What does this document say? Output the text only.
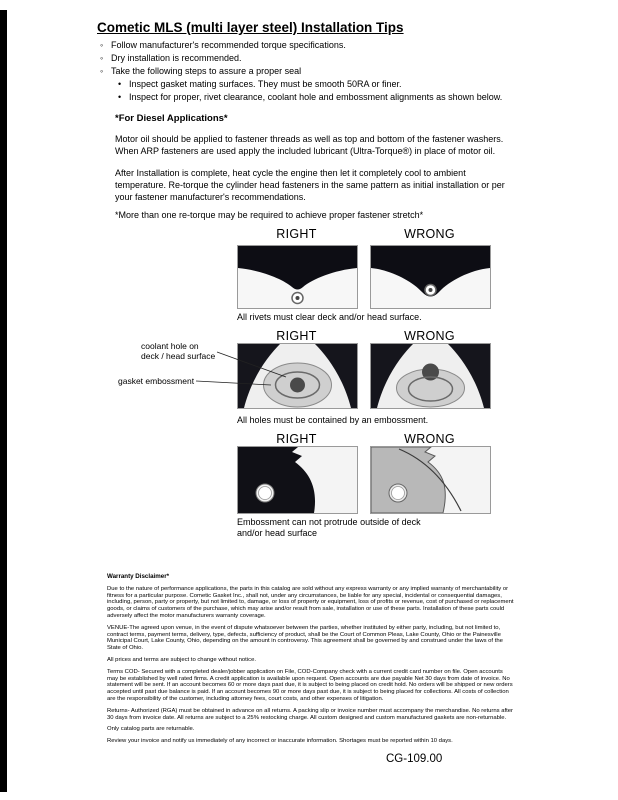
Cometic MLS (multi layer steel) Installation Tips
◦ Follow manufacturer's recommended torque specifications.
◦ Dry installation is recommended.
◦ Take the following steps to assure a proper seal
• Inspect gasket mating surfaces. They must be smooth 50RA or finer.
• Inspect for proper, rivet clearance, coolant hole and embossment alignments as shown below.
*For Diesel Applications*

Motor oil should be applied to fastener threads as well as top and bottom of the fastener washers. When ARP fasteners are used apply the included lubricant (Ultra-Torque®) in place of motor oil.

After Installation is complete, heat cycle the engine then let it completely cool to ambient temperature. Re-torque the cylinder head fasteners in the same pattern as initial installation or per your fastener manufacturer's recommendations.

*More than one re-torque may be required to achieve proper fastener stretch*

RIGHT	WRONG
All rivets must clear deck and/or head surface.
RIGHT	WRONG
coolant hole on
deck / head surface
gasket embossment
All holes must be contained by an embossment.
RIGHT	WRONG
Embossment can not protrude outside of deck and/or head surface
Warranty Disclaimer*

Due to the nature of performance applications, the parts in this catalog are sold without any express warranty or any implied warranty of merchantability or fitness for a particular purpose. Cometic Gasket Inc., shall not, under any circumstances, be liable for any special, incidental or consequential damages, including, person, party or property, but not limited to, damage, or loss of property or equipment, loss of profits or revenue, cost of purchased or replacement goods, or claims of customers of the purchase, which may arise and/or result from sale, installation or use of these parts. Installation of these parts could adversely affect the motor manufacturers warranty coverage.

VENUE-The agreed upon venue, in the event of dispute whatsoever between the parties, whether instituted by either party, including, but not limited to, contract terms, payment terms, delivery, type, defects, sufficiency of product, shall be the Court of Common Pleas, Lake County, Ohio or the Painesville Municipal Court, Lake County, Ohio, depending on the amount in controversy. This agreement shall be governed by and construed under the laws of the State of Ohio.

All prices and terms are subject to change without notice.

Terms COD- Secured with a completed dealer/jobber application on File, COD-Company check with a current credit card number on file. Open accounts may be established by well rated firms. A credit application is available upon request. Open accounts are due payable Net 30 days from date of invoice. No statement will be sent. If an account becomes 60 or more days past due, it is subject to being placed on credit hold. No orders will be shipped or new orders accepted until past due balance is paid. If an account becomes 90 or more days past due, it is subject to being placed for collections. All costs of collection are the responsibility of the customer, including attorney fees, court costs, and other expenses of litigation.

Returns- Authorized (RGA) must be obtained in advance on all returns. A packing slip or invoice number must accompany the merchandise. No returns after 30 days from invoice date. All returns are subject to a 25% restocking charge. All custom designed and custom manufactured gaskets are non-returnable.

Only catalog parts are returnable.

Review your invoice and notify us immediately of any incorrect or inaccurate information. Shortages must be reported within 10 days.

CG-109.00
